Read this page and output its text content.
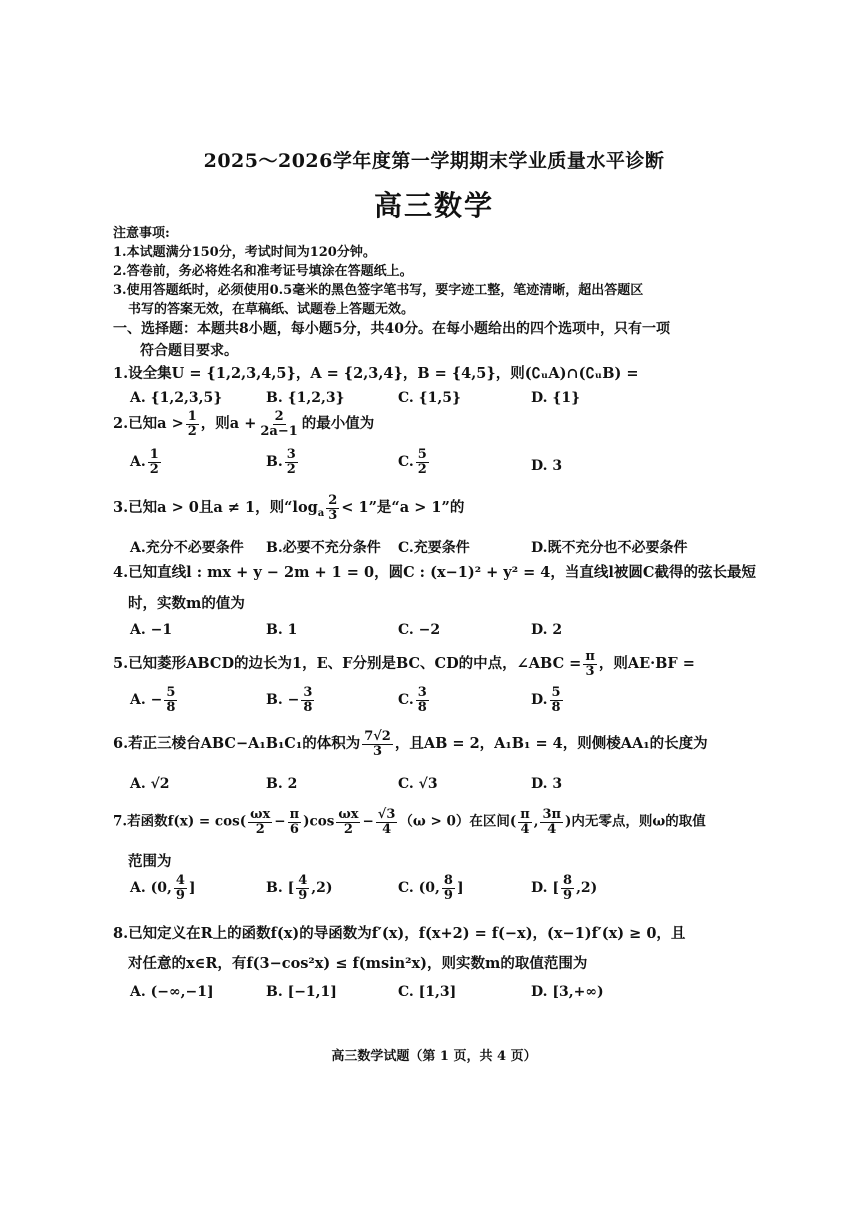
2025～2026学年度第一学期期末学业质量水平诊断
高三数学
注意事项:
1.本试题满分150分，考试时间为120分钟。
2.答卷前，务必将姓名和准考证号填涂在答题纸上。
3.使用答题纸时，必须使用0.5毫米的黑色签字笔书写，要字迹工整，笔迹清晰，超出答题区
书写的答案无效，在草稿纸、试题卷上答题无效。
一、选择题：本题共8小题，每小题5分，共40分。在每小题给出的四个选项中，只有一项
符合题目要求。
1.设全集U = {1,2,3,4,5}，A = {2,3,4}，B = {4,5}，则(∁ᵤA)∩(∁ᵤB) =
A. {1,2,3,5}	B. {1,2,3}	C. {1,5}	D. {1}
2.已知$a > \frac{1}{2}$ ，则$a + \frac{2}{2a-1}$ 的最小值为
A. $\frac{1}{2}$	B. $\frac{3}{2}$	C. $\frac{5}{2}$	D. 3
3.已知a > 0且a ≠ 1，则“$\log_a \frac{2}{3} < 1$”是“a > 1”的
A.充分不必要条件 B.必要不充分条件 C.充要条件	D.既不充分也不必要条件
4.已知直线l : mx + y − 2m + 1 = 0，圆C : (x−1)² + y² = 4，当直线l被圆C截得的弦长最短
时，实数m的值为
A. −1	B. 1	C. −2	D. 2
5.已知菱形ABCD的边长为1，E、F分别是BC、CD的中点，∠ABC = $\frac{\pi}{3}$ ，则AE·BF =
A. − $\frac{5}{8}$	B. − $\frac{3}{8}$	C. $\frac{3}{8}$	D. $\frac{5}{8}$
6.若正三棱台ABC−A₁B₁C₁的体积为 $\frac{7√2}{3}$ ，且AB = 2，A₁B₁ = 4，则侧棱AA₁的长度为
A. √2	B. 2	C. √3	D. 3
7.若函数$f(x) = \cos( \frac{\omega x}{2} - \frac{\pi}{6} )\cos \frac{\omega x}{2} - \frac{√3}{4} (\omega > 0)$在区间( $\frac{\pi}{4}$ , $\frac{3\pi}{4}$ )内无零点，则ω的取值
范围为
A. (0, $\frac{4}{9}$ ]	B. [ $\frac{4}{9} ,2$)	C. (0, $\frac{8}{9}$ ]	D. [ $\frac{8}{9} ,2$)
8.已知定义在R上的函数f(x)的导函数为f′(x)，f(x+2) = f(−x)，(x−1)f′(x) ≥ 0，且
对任意的x∈R，有f(3−cos²x) ≤ f(msin²x)，则实数m的取值范围为
A. (−∞,−1]	B. [−1,1]	C. [1,3]	D. [3,+∞)
高三数学试题（第 1 页，共 4 页）
